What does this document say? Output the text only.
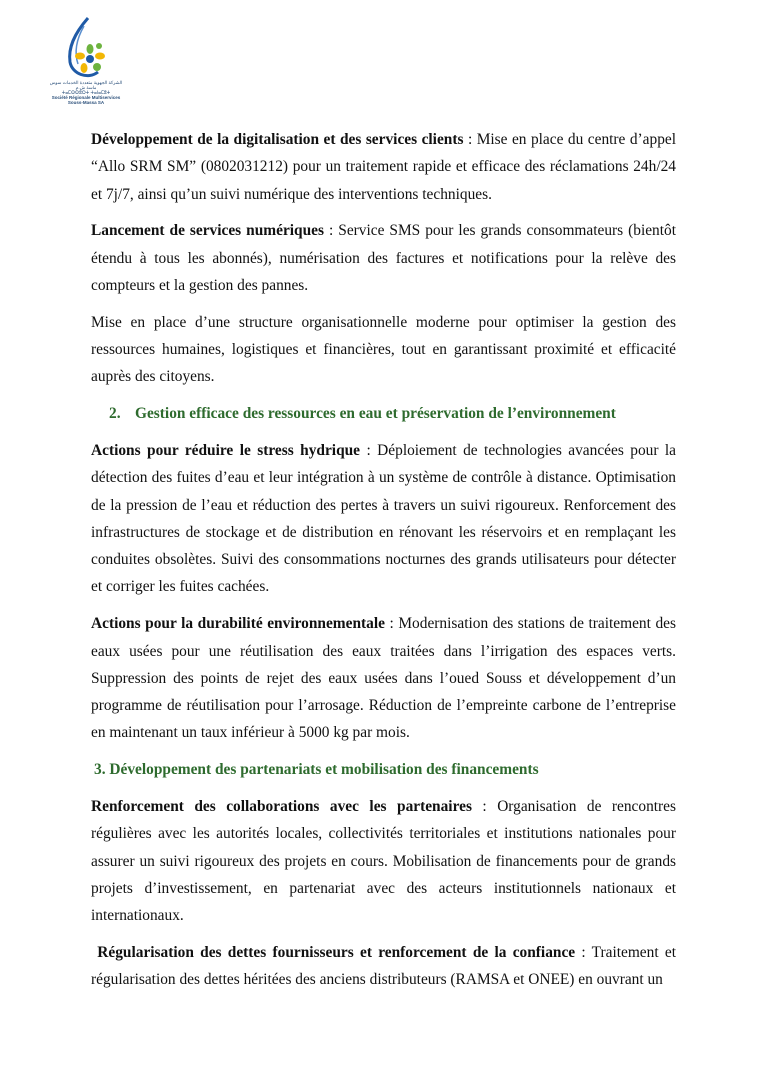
الشركة الجهوية متعددة الخدمات سوس ماسة ش.م
ⵜⴰⵎⵙⵙⵓⵔⵜ ⵜⴰⵏⴰⵎⵓⵜ
Société Régionale Multiservices Souss-Massa SA

Développement de la digitalisation et des services clients : Mise en place du centre d’appel “Allo SRM SM” (0802031212) pour un traitement rapide et efficace des réclamations 24h/24 et 7j/7, ainsi qu’un suivi numérique des interventions techniques.

Lancement de services numériques : Service SMS pour les grands consommateurs (bientôt étendu à tous les abonnés), numérisation des factures et notifications pour la relève des compteurs et la gestion des pannes.

Mise en place d’une structure organisationnelle moderne pour optimiser la gestion des ressources humaines, logistiques et financières, tout en garantissant proximité et efficacité auprès des citoyens.

2. Gestion efficace des ressources en eau et préservation de l’environnement

Actions pour réduire le stress hydrique : Déploiement de technologies avancées pour la détection des fuites d’eau et leur intégration à un système de contrôle à distance. Optimisation de la pression de l’eau et réduction des pertes à travers un suivi rigoureux. Renforcement des infrastructures de stockage et de distribution en rénovant les réservoirs et en remplaçant les conduites obsolètes. Suivi des consommations nocturnes des grands utilisateurs pour détecter et corriger les fuites cachées.

Actions pour la durabilité environnementale : Modernisation des stations de traitement des eaux usées pour une réutilisation des eaux traitées dans l’irrigation des espaces verts. Suppression des points de rejet des eaux usées dans l’oued Souss et développement d’un programme de réutilisation pour l’arrosage. Réduction de l’empreinte carbone de l’entreprise en maintenant un taux inférieur à 5000 kg par mois.

3. Développement des partenariats et mobilisation des financements

Renforcement des collaborations avec les partenaires : Organisation de rencontres régulières avec les autorités locales, collectivités territoriales et institutions nationales pour assurer un suivi rigoureux des projets en cours. Mobilisation de financements pour de grands projets d’investissement, en partenariat avec des acteurs institutionnels nationaux et internationaux.

Régularisation des dettes fournisseurs et renforcement de la confiance : Traitement et régularisation des dettes héritées des anciens distributeurs (RAMSA et ONEE) en ouvrant un
